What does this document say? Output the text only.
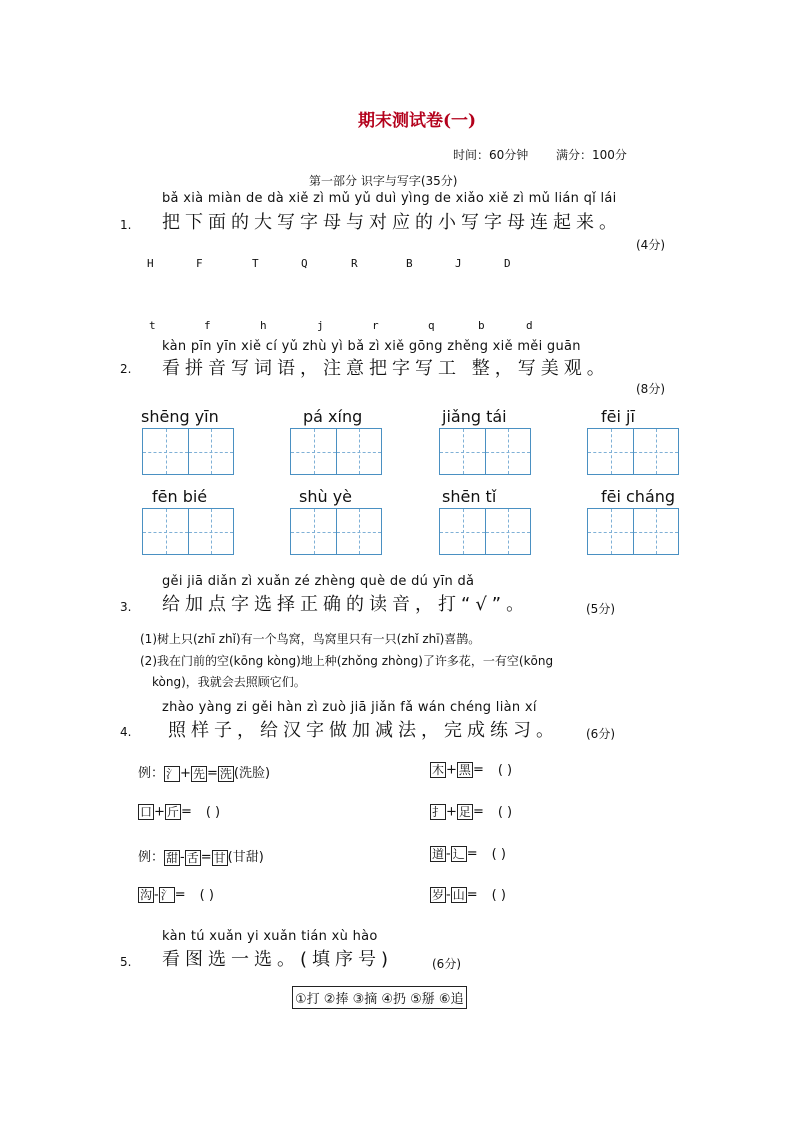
期末测试卷(一)
时间：60分钟 满分：100分
第一部分 识字与写字(35分)
bǎ xià miàn de dà xiě zì mǔ yǔ duì yìng de xiǎo xiě zì mǔ lián qǐ lái
1. 把下面的大写字母与对应的小写字母连起来。
(4分)
H	F	T	Q	R	B	J	D
t	f	h	j	r	q	b	d
kàn pīn yīn xiě cí yǔ zhù yì bǎ zì xiě gōng zhěng xiě měi guān
2. 看拼音写词语，注意把字写工 整，写美观。
(8分)
shēng yīn	pá xíng	jiǎng tái	fēi jī
fēn bié	shù yè	shēn tǐ	fēi cháng
gěi jiā diǎn zì xuǎn zé zhèng què de dú yīn dǎ
3. 给加点字选择正确的读音，打“√”。	(5分)
(1)树上只(zhī zhǐ)有一个鸟窝，鸟窝里只有一只(zhǐ zhī)喜鹊。
(2)我在门前的空(kōng kòng)地上种(zhǒng zhòng)了许多花，一有空(kōng
kòng)，我就会去照顾它们。
zhào yàng zi gěi hàn zì zuò jiā jiǎn fǎ wán chéng liàn xí
4. 照样子，给汉字做加减法，完成练习。 (6分)
例： 氵 + 先 = 洗 (洗脸)	木 + 黑 = ( )
口 + 斤 = ( )	扌 + 足 = ( )
例： 甜 - 舌 = 甘 (甘甜)	道 - 辶 = ( )
沟 - 氵 = ( )	岁 - 山 = ( )
kàn tú xuǎn yi xuǎn tián xù hào
5. 看图选一选。(填序号)	(6分)
①打 ②捧 ③摘 ④扔 ⑤掰 ⑥追
